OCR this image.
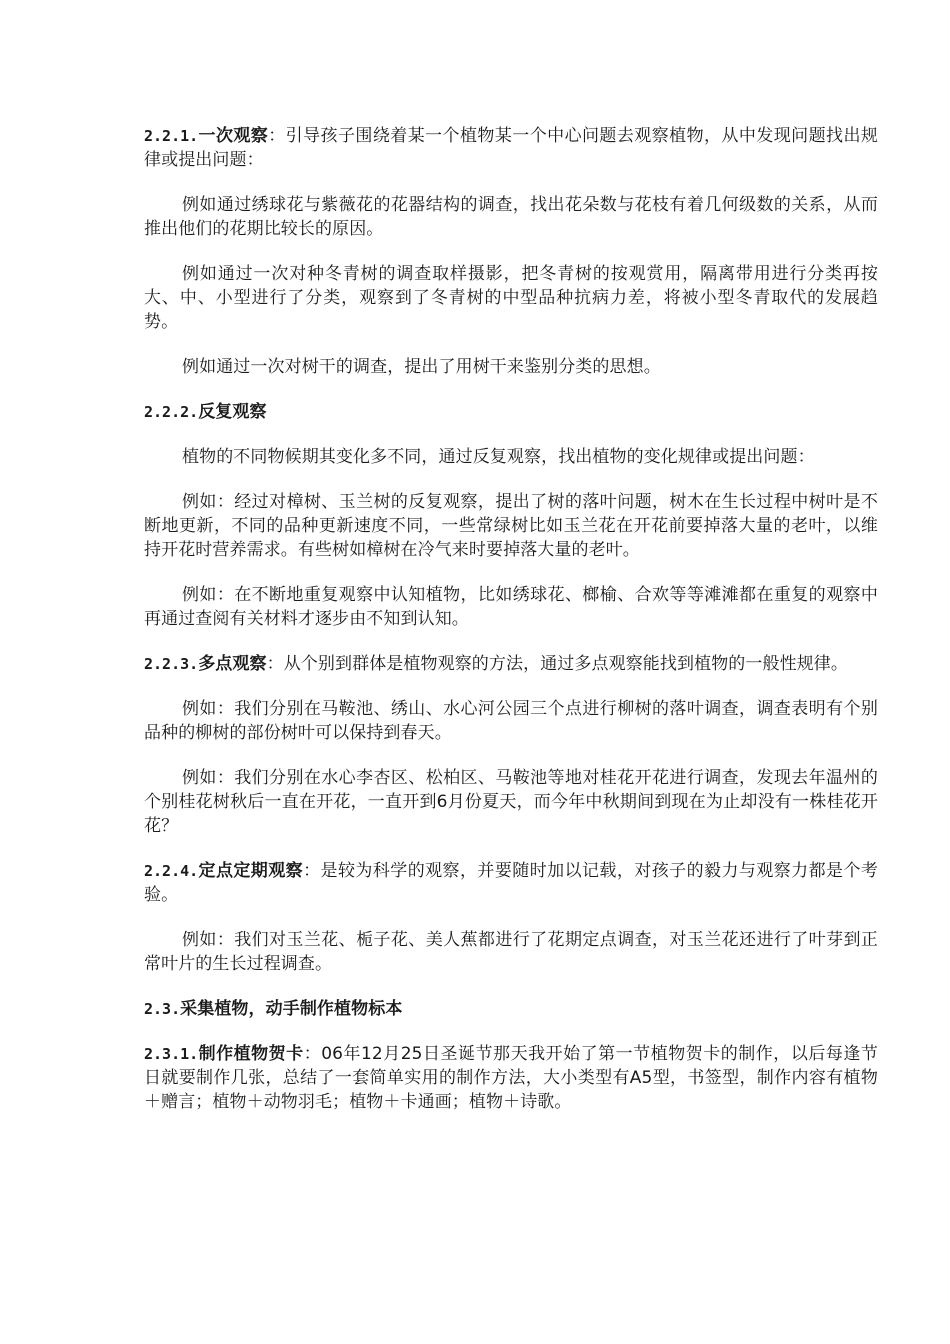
2.2.1.一次观察：引导孩子围绕着某一个植物某一个中心问题去观察植物，从中发现问题找出规律或提出问题：

例如通过绣球花与紫薇花的花器结构的调查，找出花朵数与花枝有着几何级数的关系，从而推出他们的花期比较长的原因。

例如通过一次对种冬青树的调查取样摄影，把冬青树的按观赏用，隔离带用进行分类再按大、中、小型进行了分类，观察到了冬青树的中型品种抗病力差，将被小型冬青取代的发展趋势。

例如通过一次对树干的调查，提出了用树干来鉴别分类的思想。

2.2.2.反复观察

植物的不同物候期其变化多不同，通过反复观察，找出植物的变化规律或提出问题：

例如：经过对樟树、玉兰树的反复观察，提出了树的落叶问题，树木在生长过程中树叶是不断地更新，不同的品种更新速度不同，一些常绿树比如玉兰花在开花前要掉落大量的老叶，以维持开花时营养需求。有些树如樟树在冷气来时要掉落大量的老叶。

例如：在不断地重复观察中认知植物，比如绣球花、榔榆、合欢等等滩滩都在重复的观察中再通过查阅有关材料才逐步由不知到认知。

2.2.3.多点观察：从个别到群体是植物观察的方法，通过多点观察能找到植物的一般性规律。

例如：我们分别在马鞍池、绣山、水心河公园三个点进行柳树的落叶调查，调查表明有个别品种的柳树的部份树叶可以保持到春天。

例如：我们分别在水心李杏区、松柏区、马鞍池等地对桂花开花进行调查，发现去年温州的个别桂花树秋后一直在开花，一直开到6月份夏天，而今年中秋期间到现在为止却没有一株桂花开花？

2.2.4.定点定期观察：是较为科学的观察，并要随时加以记载，对孩子的毅力与观察力都是个考验。

例如：我们对玉兰花、栀子花、美人蕉都进行了花期定点调查，对玉兰花还进行了叶芽到正常叶片的生长过程调查。

2.3.采集植物，动手制作植物标本

2.3.1.制作植物贺卡：06年12月25日圣诞节那天我开始了第一节植物贺卡的制作，以后每逢节日就要制作几张，总结了一套简单实用的制作方法，大小类型有A5型，书签型，制作内容有植物＋赠言；植物＋动物羽毛；植物＋卡通画；植物＋诗歌。
